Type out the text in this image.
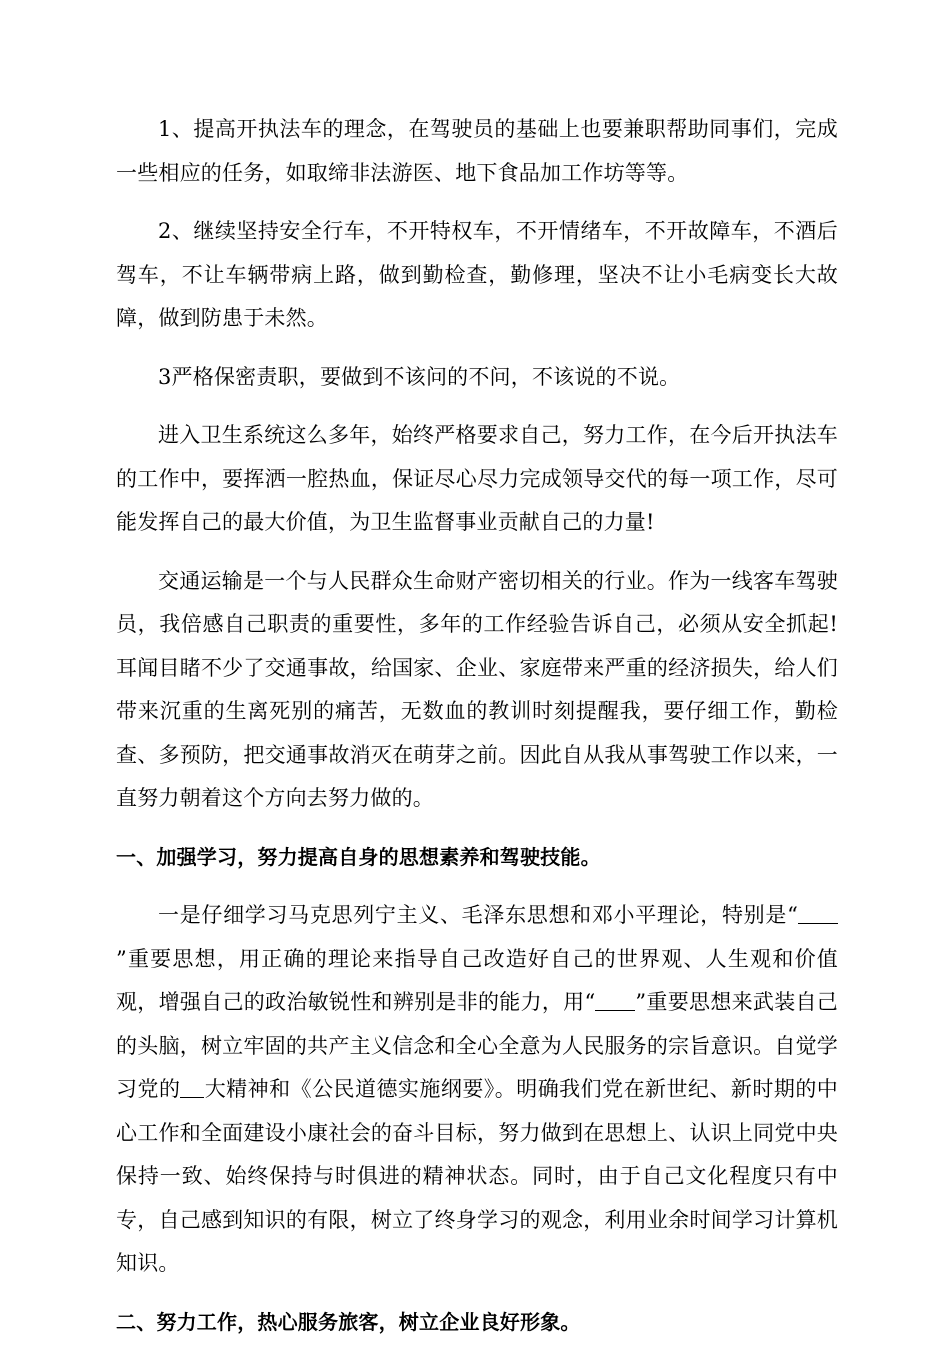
1、提高开执法车的理念，在驾驶员的基础上也要兼职帮助同事们，完成一些相应的任务，如取缔非法游医、地下食品加工作坊等等。

2、继续坚持安全行车，不开特权车，不开情绪车，不开故障车，不酒后驾车，不让车辆带病上路，做到勤检查，勤修理，坚决不让小毛病变长大故障，做到防患于未然。

3严格保密责职，要做到不该问的不问，不该说的不说。

进入卫生系统这么多年，始终严格要求自己，努力工作，在今后开执法车的工作中，要挥洒一腔热血，保证尽心尽力完成领导交代的每一项工作，尽可能发挥自己的最大价值，为卫生监督事业贡献自己的力量!

交通运输是一个与人民群众生命财产密切相关的行业。作为一线客车驾驶员，我倍感自己职责的重要性，多年的工作经验告诉自己，必须从安全抓起!耳闻目睹不少了交通事故，给国家、企业、家庭带来严重的经济损失，给人们带来沉重的生离死别的痛苦，无数血的教训时刻提醒我，要仔细工作，勤检查、多预防，把交通事故消灭在萌芽之前。因此自从我从事驾驶工作以来，一直努力朝着这个方向去努力做的。

一、加强学习，努力提高自身的思想素养和驾驶技能。

一是仔细学习马克思列宁主义、毛泽东思想和邓小平理论，特别是“”重要思想，用正确的理论来指导自己改造好自己的世界观、人生观和价值观，增强自己的政治敏锐性和辨别是非的能力，用“ ”重要思想来武装自己的头脑，树立牢固的共产主义信念和全心全意为人民服务的宗旨意识。自觉学习党的 大精神和《公民道德实施纲要》。明确我们党在新世纪、新时期的中心工作和全面建设小康社会的奋斗目标，努力做到在思想上、认识上同党中央保持一致、始终保持与时俱进的精神状态。同时，由于自己文化程度只有中专，自己感到知识的有限，树立了终身学习的观念，利用业余时间学习计算机知识。

二、努力工作，热心服务旅客，树立企业良好形象。
